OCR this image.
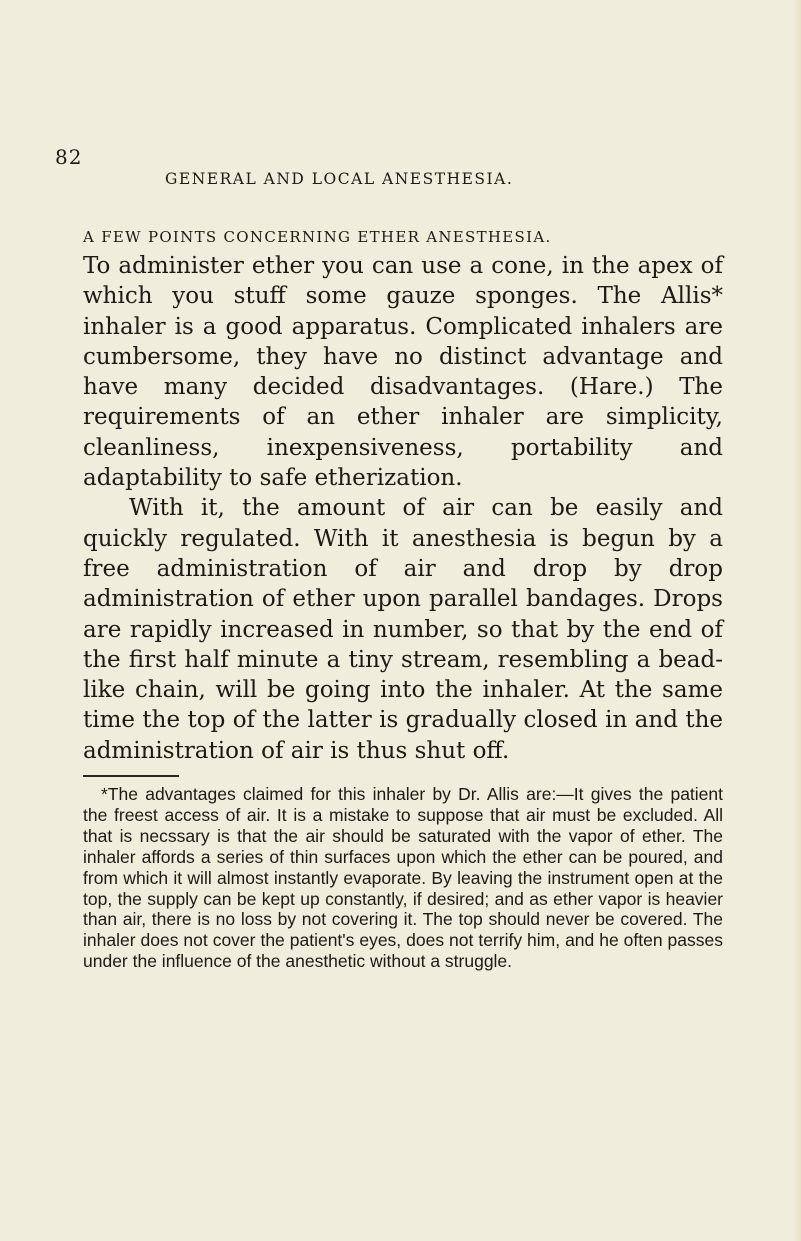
82
GENERAL AND LOCAL ANESTHESIA.
A FEW POINTS CONCERNING ETHER ANESTHESIA.

To administer ether you can use a cone, in the apex of which you stuff some gauze sponges. The Allis* inhaler is a good apparatus. Complicated inhalers are cumbersome, they have no distinct advantage and have many decided disadvantages. (Hare.) The requirements of an ether inhaler are simplicity, cleanliness, inexpensiveness, portability and adaptability to safe etherization.

With it, the amount of air can be easily and quickly regulated. With it anesthesia is begun by a free administration of air and drop by drop administration of ether upon parallel bandages. Drops are rapidly increased in number, so that by the end of the first half minute a tiny stream, resembling a bead-like chain, will be going into the inhaler. At the same time the top of the latter is gradually closed in and the administration of air is thus shut off.

*The advantages claimed for this inhaler by Dr. Allis are:—It gives the patient the freest access of air. It is a mistake to suppose that air must be excluded. All that is necssary is that the air should be saturated with the vapor of ether. The inhaler affords a series of thin surfaces upon which the ether can be poured, and from which it will almost instantly evaporate. By leaving the instrument open at the top, the supply can be kept up constantly, if desired; and as ether vapor is heavier than air, there is no loss by not covering it. The top should never be covered. The inhaler does not cover the patient's eyes, does not terrify him, and he often passes under the influence of the anesthetic without a struggle.
